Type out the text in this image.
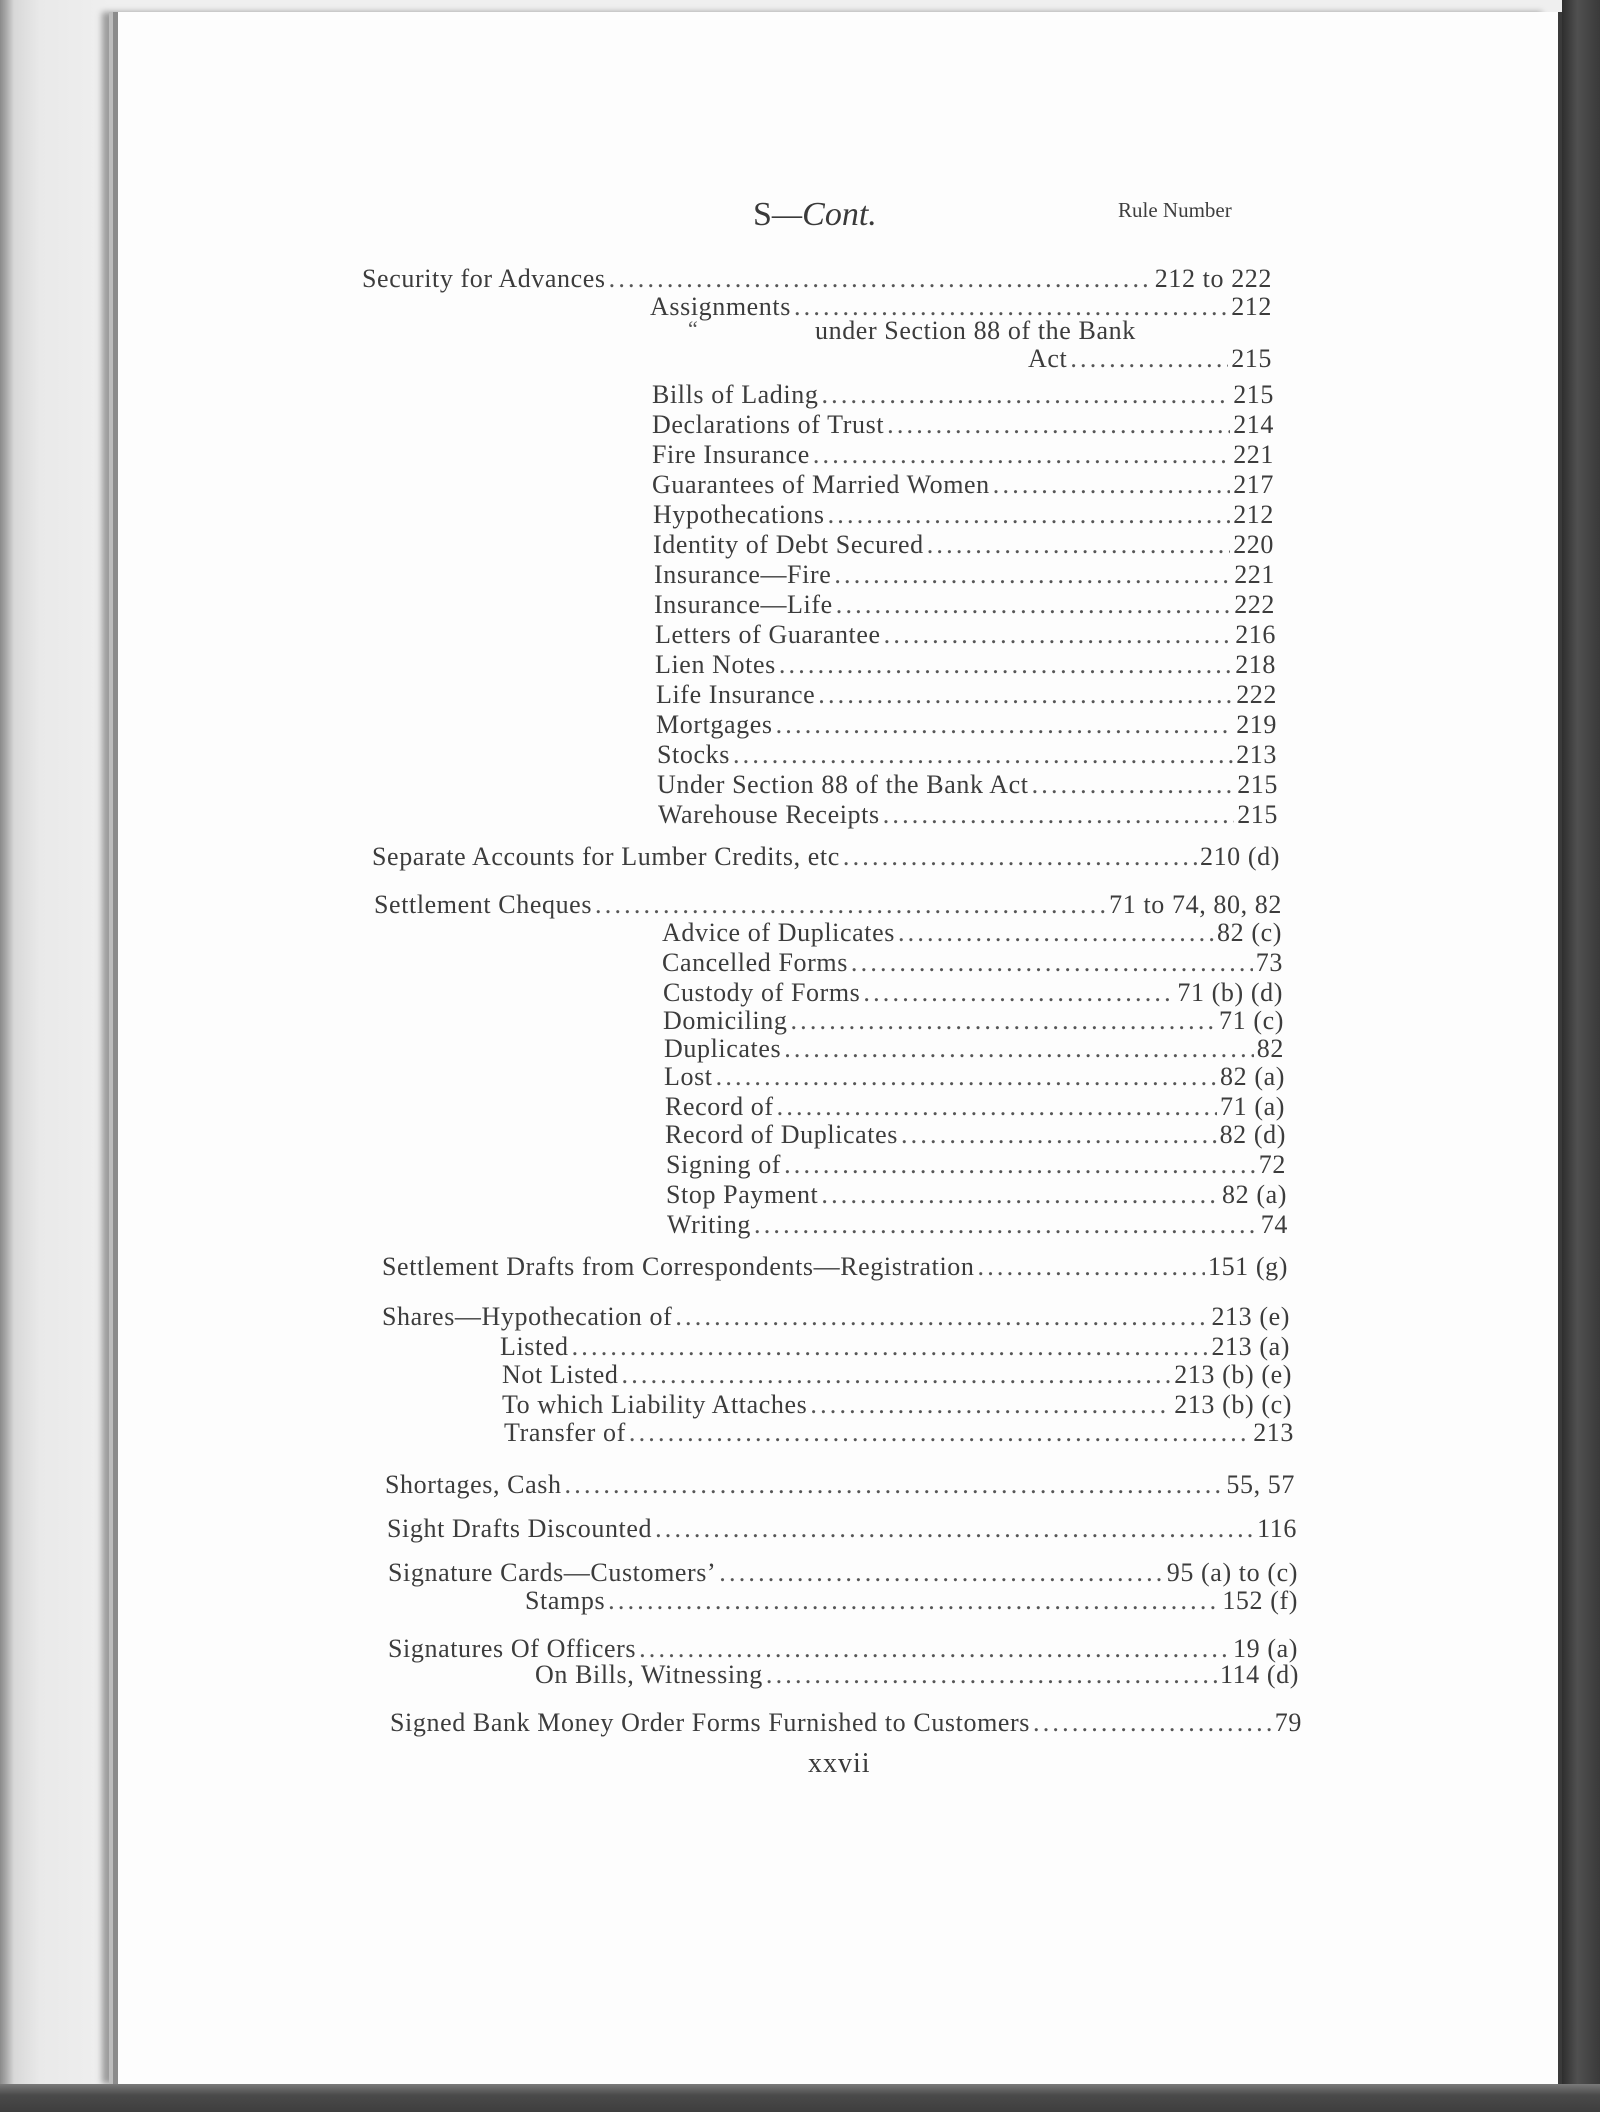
S—Cont.	Rule Number
Security for Advances .....	212 to 222
Assignments .....	212
“	under Section 88 of the Bank
Act .....	215
Bills of Lading .....	215
Declarations of Trust .....	214
Fire Insurance .....	221
Guarantees of Married Women .....	217
Hypothecations .....	212
Identity of Debt Secured .....	220
Insurance—Fire .....	221
Insurance—Life .....	222
Letters of Guarantee .....	216
Lien Notes .....	218
Life Insurance .....	222
Mortgages .....	219
Stocks .....	213
Under Section 88 of the Bank Act .....	215
Warehouse Receipts .....	215
Separate Accounts for Lumber Credits, etc .....	210 (d)
Settlement Cheques .....	71 to 74, 80, 82
Advice of Duplicates .....	82 (c)
Cancelled Forms .....	73
Custody of Forms .....	71 (b) (d)
Domiciling .....	71 (c)
Duplicates .....	82
Lost .....	82 (a)
Record of .....	71 (a)
Record of Duplicates .....	82 (d)
Signing of .....	72
Stop Payment .....	82 (a)
Writing .....	74
Settlement Drafts from Correspondents—Registration .....	151 (g)
Shares—Hypothecation of .....	213 (e)
Listed .....	213 (a)
Not Listed .....	213 (b) (e)
To which Liability Attaches .....	213 (b) (c)
Transfer of .....	213
Shortages, Cash .....	55, 57
Sight Drafts Discounted .....	116
Signature Cards—Customers’ .....	95 (a) to (c)
Stamps .....	152 (f)
Signatures Of Officers .....	19 (a)
On Bills, Witnessing .....	114 (d)
Signed Bank Money Order Forms Furnished to Customers .....	79
xxvii
